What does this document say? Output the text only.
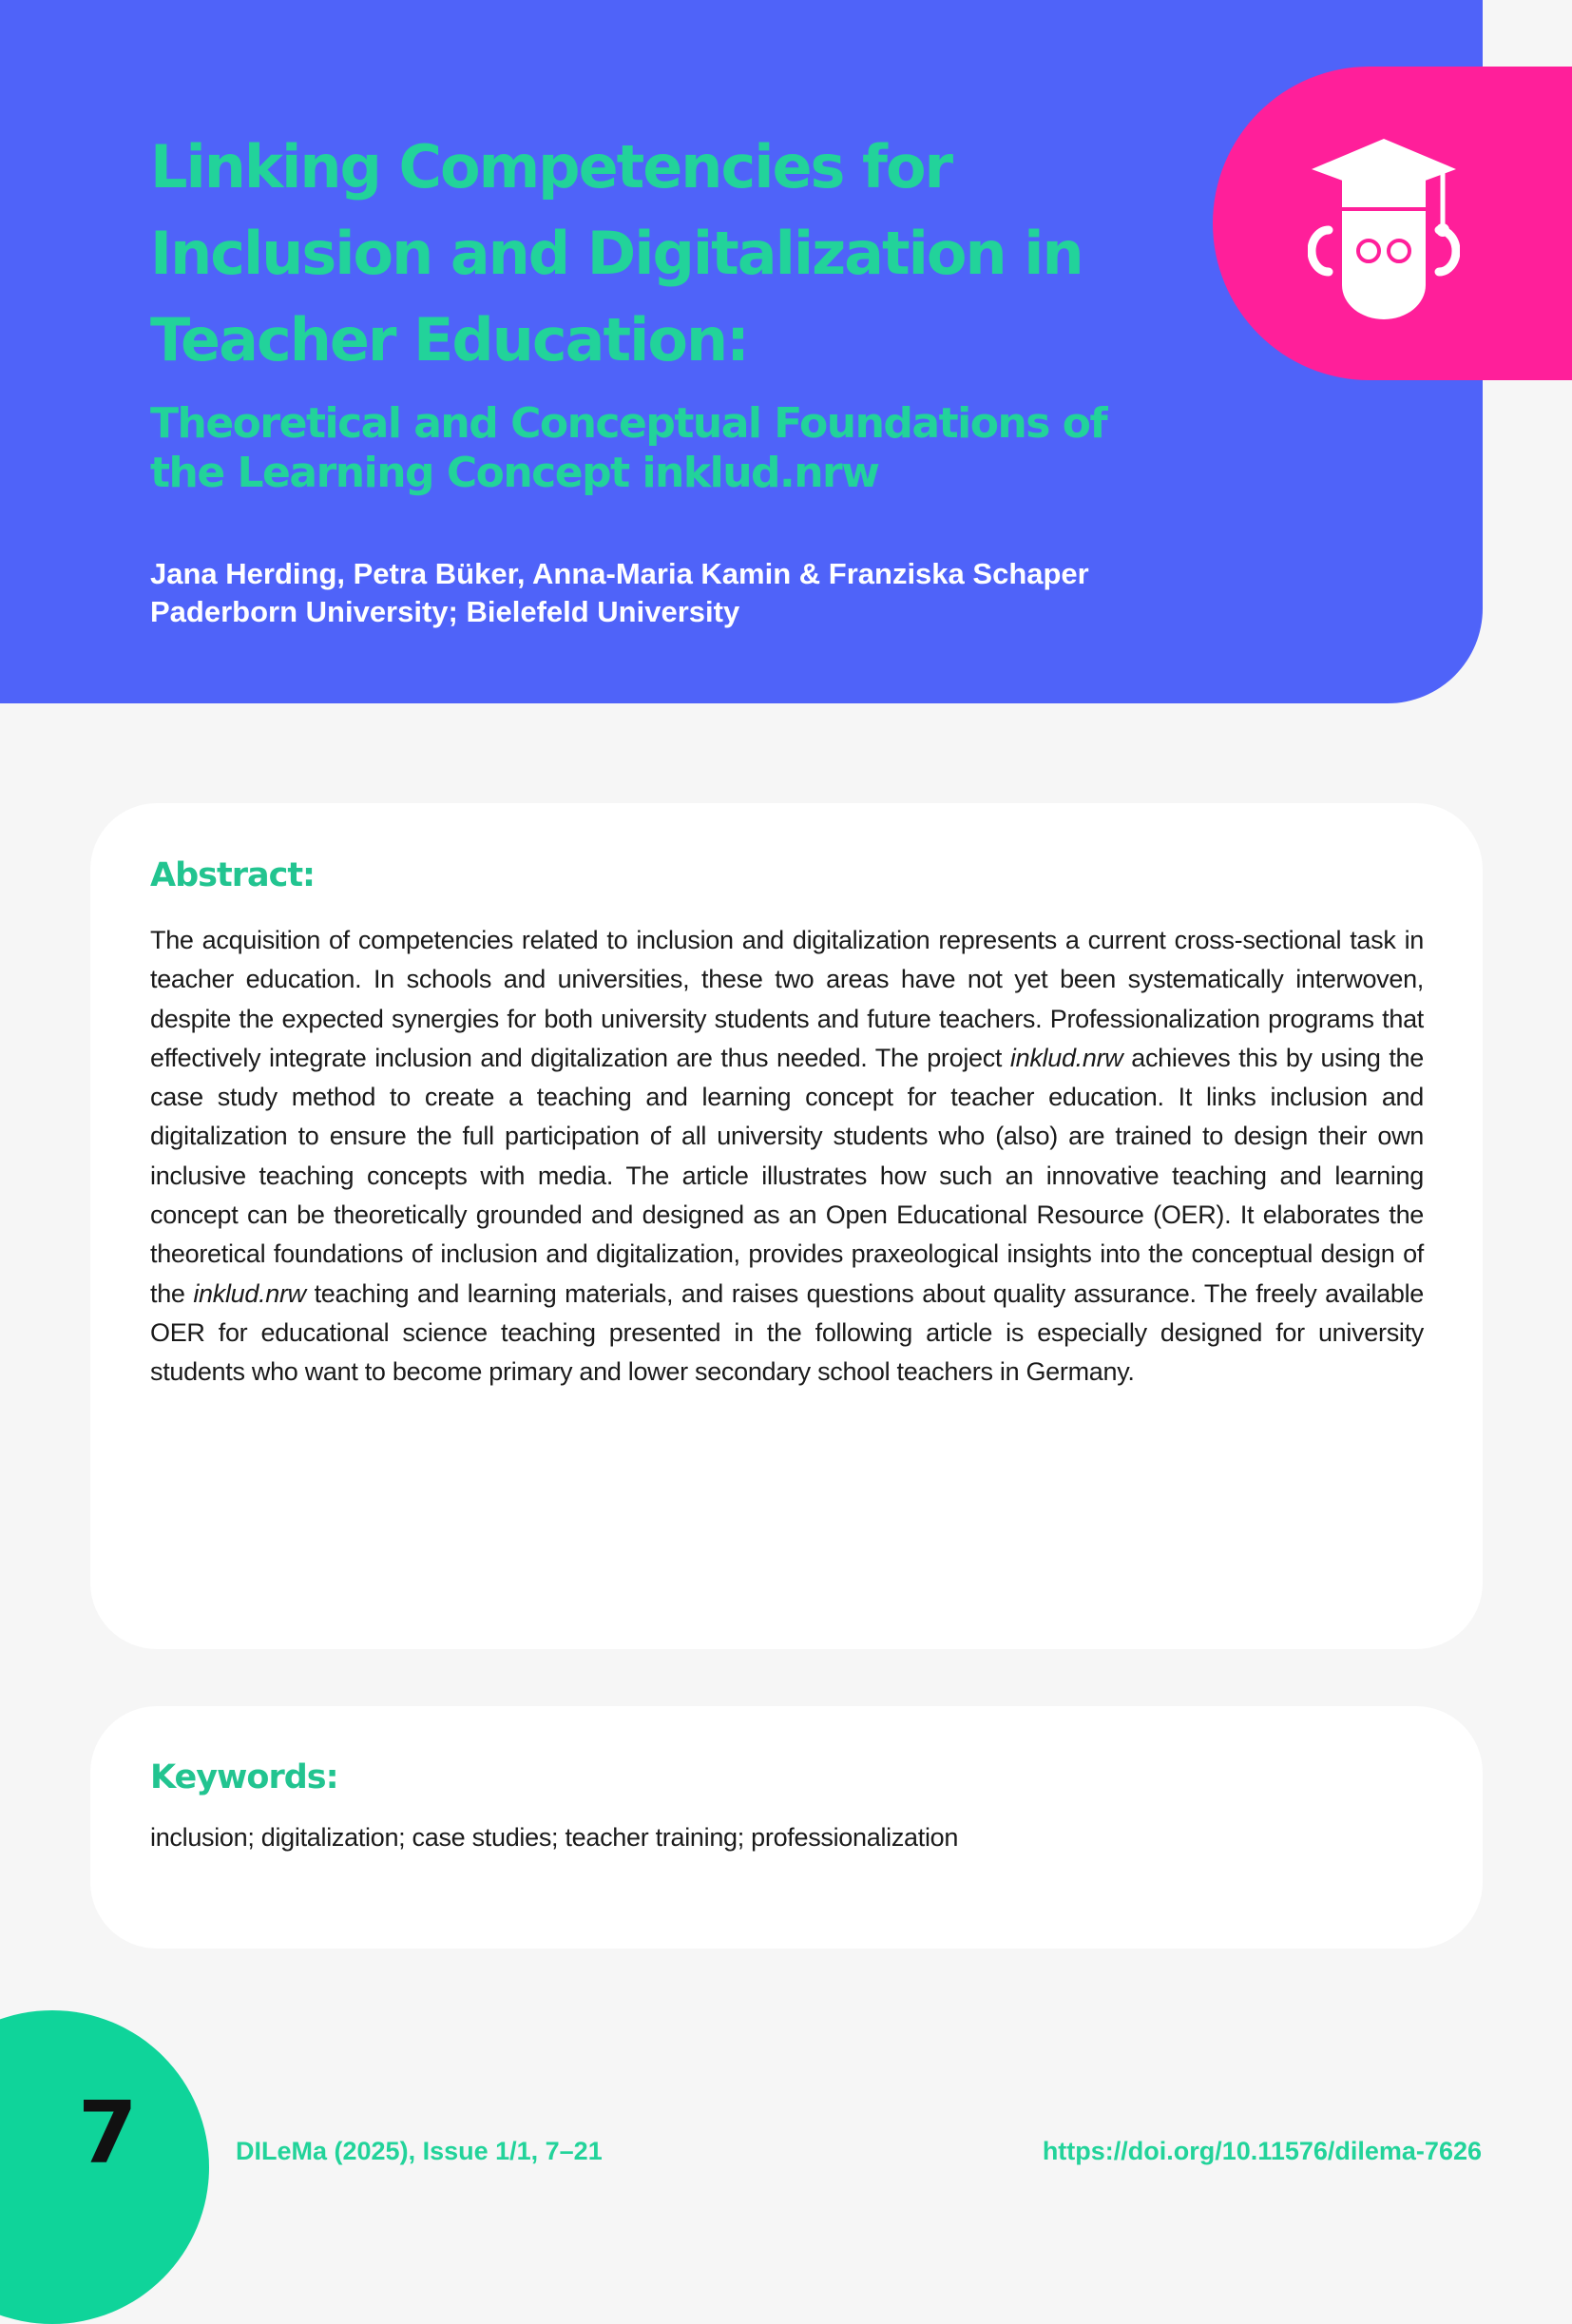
Linking Competencies for Inclusion and Digitalization in Teacher Education:
Theoretical and Conceptual Foundations of the Learning Concept inklud.nrw
Jana Herding, Petra Büker, Anna-Maria Kamin & Franziska Schaper
Paderborn University; Bielefeld University
Abstract:

The acquisition of competencies related to inclusion and digitalization represents a current cross-sectional task in teacher education. In schools and universities, these two areas have not yet been systematically interwoven, despite the expected synergies for both university students and future teachers. Professionalization programs that effectively integrate inclusion and digitalization are thus needed. The project inklud.nrw achieves this by using the case study method to create a teaching and learning concept for teacher education. It links inclusion and digitalization to ensure the full participation of all university students who (also) are trained to design their own inclusive teaching concepts with media. The article illustrates how such an innovative teaching and learning concept can be theoretically grounded and designed as an Open Educational Resource (OER). It elaborates the theoretical foundations of inclusion and digitalization, provides praxeological insights into the conceptual design of the inklud.nrw teaching and learning materials, and raises questions about quality assurance. The freely available OER for educational science teaching presented in the following article is especially designed for university students who want to become primary and lower secondary school teachers in Germany.

Keywords:
inclusion; digitalization; case studies; teacher training; professionalization
7	DILeMa (2025), Issue 1/1, 7–21	https://doi.org/10.11576/dilema-7626
